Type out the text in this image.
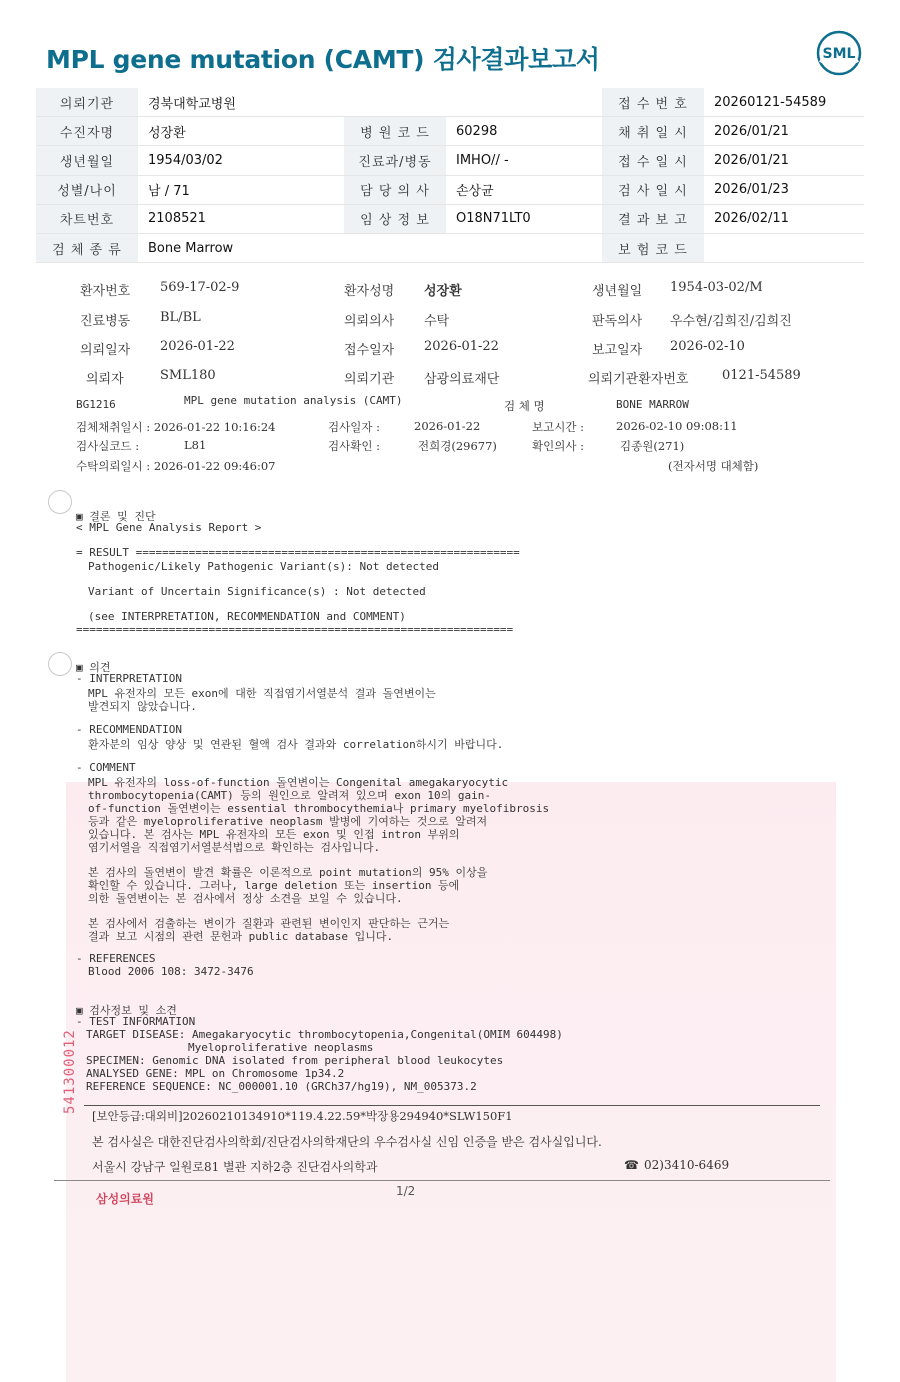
MPL gene mutation (CAMT) 검사결과보고서	SML
의뢰기관	경북대학교병원			접 수 번 호	20260121-54589
수진자명	성장환	병 원 코 드	60298	채 취 일 시	2026/01/21
생년월일	1954/03/02	진료과/병동	IMHO// -	접 수 일 시	2026/01/21
성별/나이	남 / 71	담 당 의 사	손상균	검 사 일 시	2026/01/23
차트번호	2108521	임 상 정 보	O18N71LT0	결 과 보 고	2026/02/11
검 체 종 류	Bone Marrow			보 험 코 드	
환자번호 569-17-02-9	환자성명 성장환	생년월일 1954-03-02/M
진료병동 BL/BL	의뢰의사 수탁	판독의사 우수현/김희진/김희진
의뢰일자 2026-01-22	접수일자 2026-01-22	보고일자 2026-02-10
의뢰자	SML180	의뢰기관 삼광의료재단	의뢰기관환자번호	0121-54589
BG1216	MPL gene mutation analysis (CAMT)	검 체 명	BONE MARROW
검체채취일시 : 2026-01-22 10:16:24	검사일자 :	2026-01-22	보고시간 :	2026-02-10 09:08:11
검사실코드 :	L81	검사확인 :	전희경(29677)	확인의사 :	김종원(271)
수탁의뢰일시 : 2026-01-22 09:46:07	(전자서명 대체함)
▣ 결론 및 진단
< MPL Gene Analysis Report >
= RESULT ==========================================================
Pathogenic/Likely Pathogenic Variant(s): Not detected
Variant of Uncertain Significance(s) : Not detected
(see INTERPRETATION, RECOMMENDATION and COMMENT)
==================================================================
▣ 의견
- INTERPRETATION
MPL 유전자의 모든 exon에 대한 직접염기서열분석 결과 돌연변이는
발견되지 않았습니다.
- RECOMMENDATION
환자분의 임상 양상 및 연관된 혈액 검사 결과와 correlation하시기 바랍니다.
- COMMENT
MPL 유전자의 loss-of-function 돌연변이는 Congenital amegakaryocytic
thrombocytopenia(CAMT) 등의 원인으로 알려져 있으며 exon 10의 gain-
of-function 돌연변이는 essential thrombocythemia나 primary myelofibrosis
등과 같은 myeloproliferative neoplasm 발병에 기여하는 것으로 알려져
있습니다. 본 검사는 MPL 유전자의 모든 exon 및 인접 intron 부위의
염기서열을 직접염기서열분석법으로 확인하는 검사입니다.
본 검사의 돌연변이 발견 확률은 이론적으로 point mutation의 95% 이상을
확인할 수 있습니다. 그러나, large deletion 또는 insertion 등에
의한 돌연변이는 본 검사에서 정상 소견을 보일 수 있습니다.
본 검사에서 검출하는 변이가 질환과 관련된 변이인지 판단하는 근거는
결과 보고 시점의 관련 문헌과 public database 입니다.
- REFERENCES
Blood 2006 108: 3472-3476
▣ 검사정보 및 소견
- TEST INFORMATION
TARGET DISEASE: Amegakaryocytic thrombocytopenia,Congenital(OMIM 604498)
Myeloproliferative neoplasms
SPECIMEN: Genomic DNA isolated from peripheral blood leukocytes
ANALYSED GENE: MPL on Chromosome 1p34.2
REFERENCE SEQUENCE: NC_000001.10 (GRCh37/hg19), NM_005373.2
541300012
[보안등급:대외비]20260210134910*119.4.22.59*박장용294940*SLW150F1
본 검사실은 대한진단검사의학회/진단검사의학재단의 우수검사실 신임 인증을 받은 검사실입니다.
서울시 강남구 일원로81 별관 지하2층 진단검사의학과	☎ 02)3410-6469
삼성의료원
1/2
